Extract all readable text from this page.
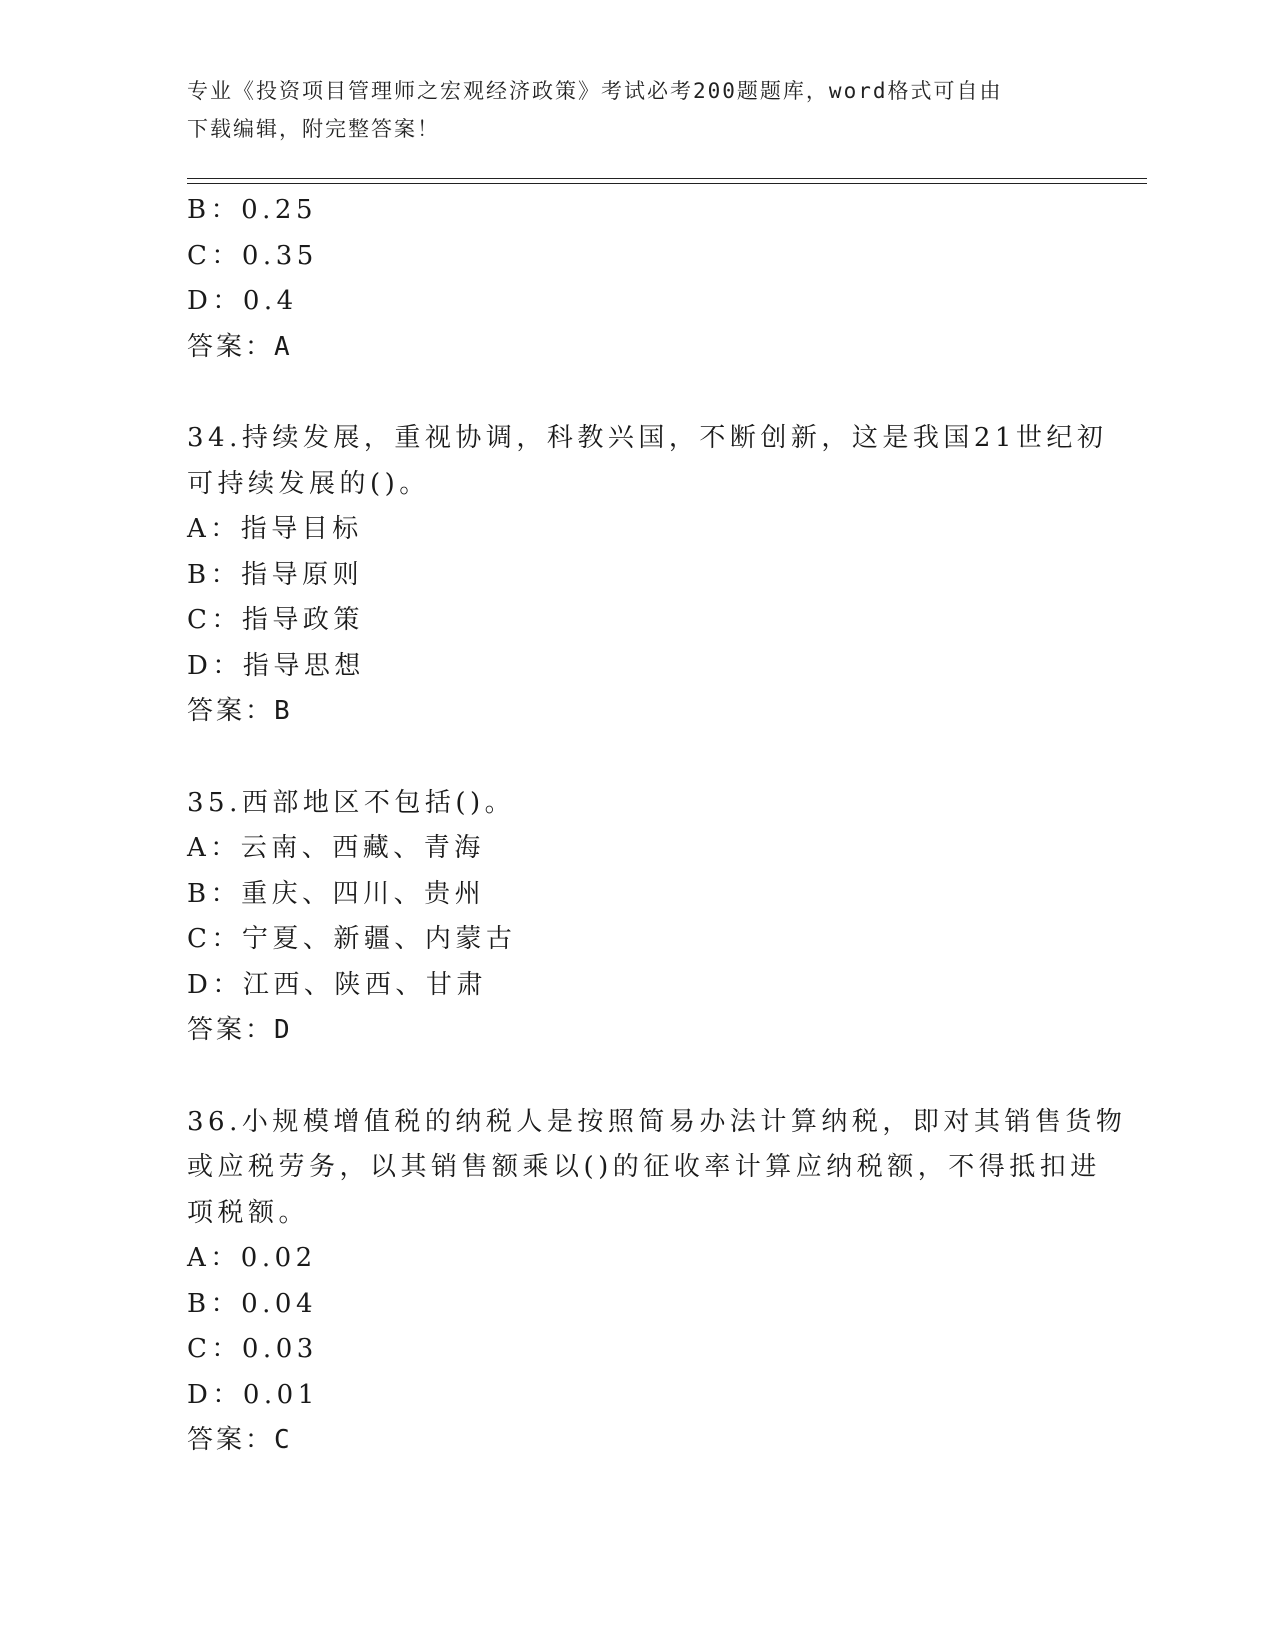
专业《投资项目管理师之宏观经济政策》考试必考200题题库，word格式可自由
下载编辑，附完整答案！
B：0.25
C：0.35
D：0.4
答案：A
34.持续发展，重视协调，科教兴国，不断创新，这是我国21世纪初
可持续发展的()。
A：指导目标
B：指导原则
C：指导政策
D：指导思想
答案：B
35.西部地区不包括()。
A：云南、西藏、青海
B：重庆、四川、贵州
C：宁夏、新疆、内蒙古
D：江西、陕西、甘肃
答案：D
36.小规模增值税的纳税人是按照简易办法计算纳税，即对其销售货物
或应税劳务，以其销售额乘以()的征收率计算应纳税额，不得抵扣进
项税额。
A：0.02
B：0.04
C：0.03
D：0.01
答案：C
